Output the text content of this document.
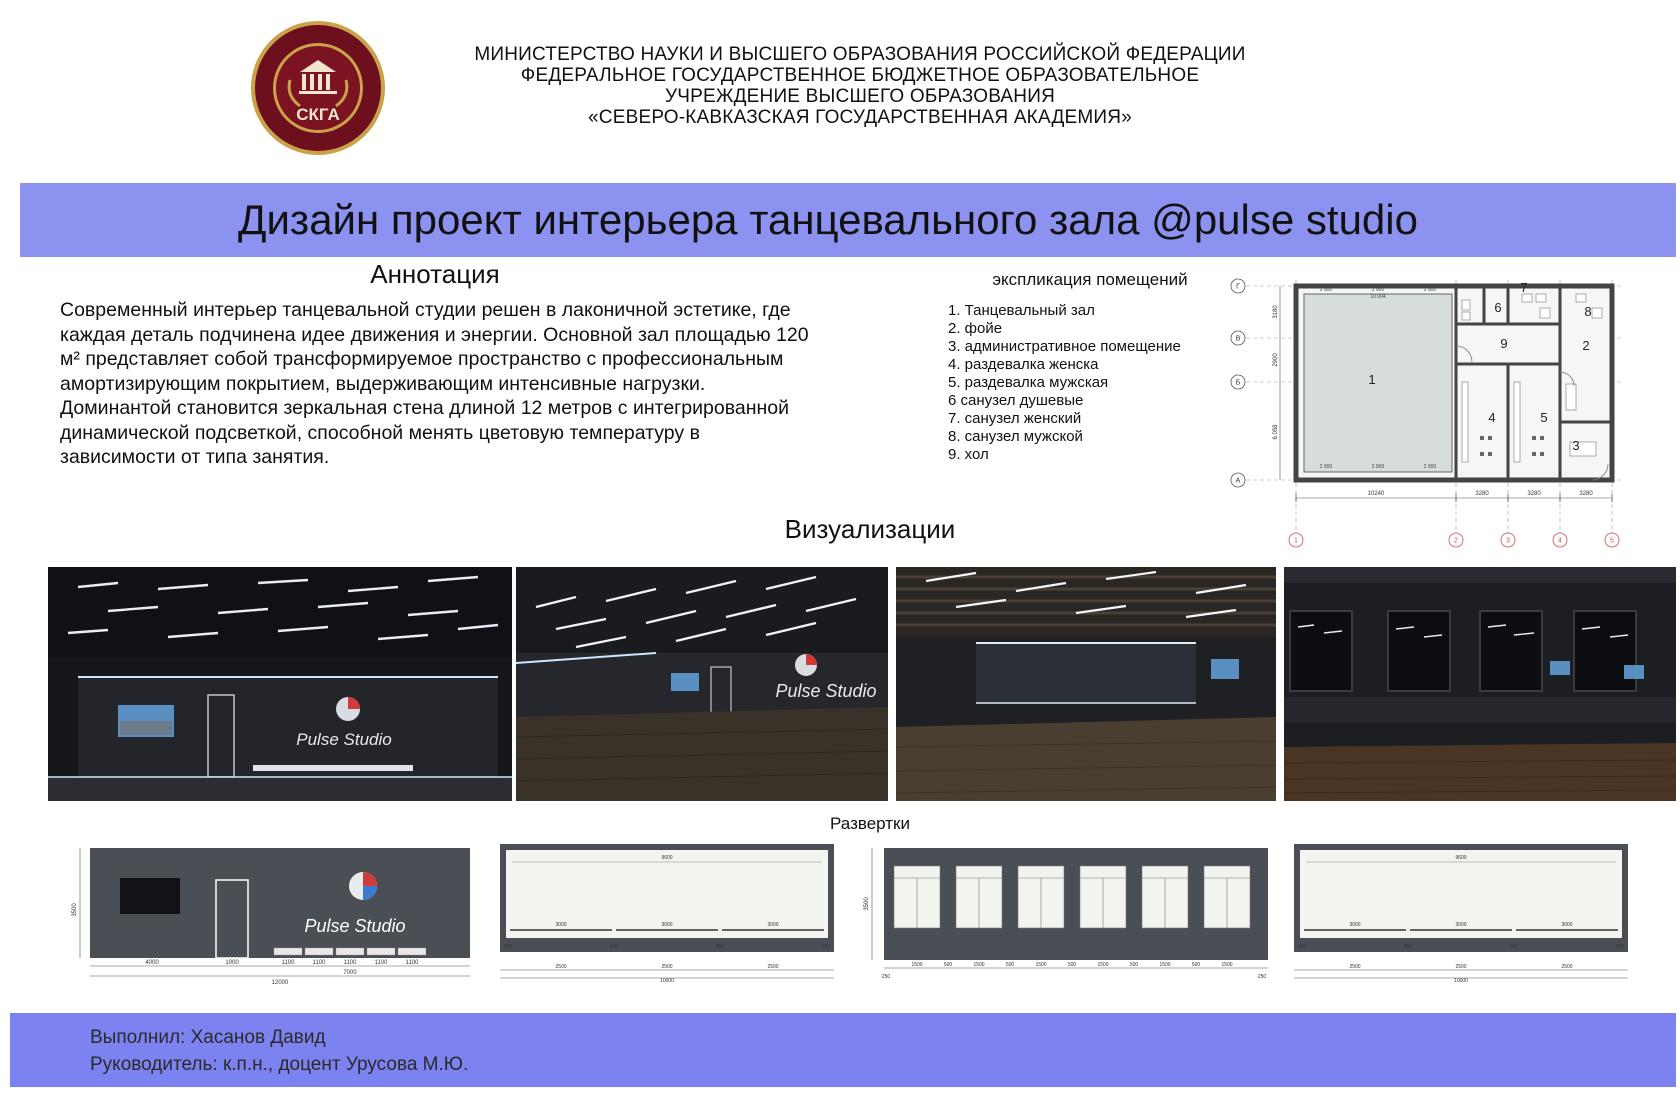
СКГА
МИНИСТЕРСТВО НАУКИ И ВЫСШЕГО ОБРАЗОВАНИЯ РОССИЙСКОЙ ФЕДЕРАЦИИ
ФЕДЕРАЛЬНОЕ ГОСУДАРСТВЕННОЕ БЮДЖЕТНОЕ ОБРАЗОВАТЕЛЬНОЕ
УЧРЕЖДЕНИЕ ВЫСШЕГО ОБРАЗОВАНИЯ
«СЕВЕРО-КАВКАЗСКАЯ ГОСУДАРСТВЕННАЯ АКАДЕМИЯ»
Дизайн проект интерьера танцевального зала @pulse studio
Аннотация
Современный интерьер танцевальной студии решен в лаконичной эстетике, где
каждая деталь подчинена идее движения и энергии. Основной зал площадью 120
м² представляет собой трансформируемое пространство с профессиональным
амортизирующим покрытием, выдерживающим интенсивные нагрузки.
Доминантой становится зеркальная стена длиной 12 метров с интегрированной
динамической подсветкой, способной менять цветовую температуру в
зависимости от типа занятия.
экспликация помещений
1. Танцевальный зал
2. фойе
3. административное помещение
4. раздевалка женска
5. раздевалка мужская
6 санузел душевые
7. санузел женский
8. санузел мужской
9. хол
1
2
3
4	5
6
7
8
9
10 004
2 900	2 900	2 900
2 900	2 900	2 900
10240	3280	3280	3280
3180
2900
6 058
Г
В
Б
А
1	2	3	4	5
Визуализации
Pulse Studio
Pulse Studio
Развертки
Pulse Studio
3500
4000	1000	1100	1100	1100	1100	1100
7000
12000
9600
3000	3000	3000
250	600	600	250
2500	2500	2500
10000
3500
250
1500	500	1500	500	1500	500	1500	500	1500	500	1500
250
9600
3000	3000	3000
250	600	600	250
2500	2500	2500
10000
Выполнил: Хасанов Давид
Руководитель: к.п.н., доцент Урусова М.Ю.
